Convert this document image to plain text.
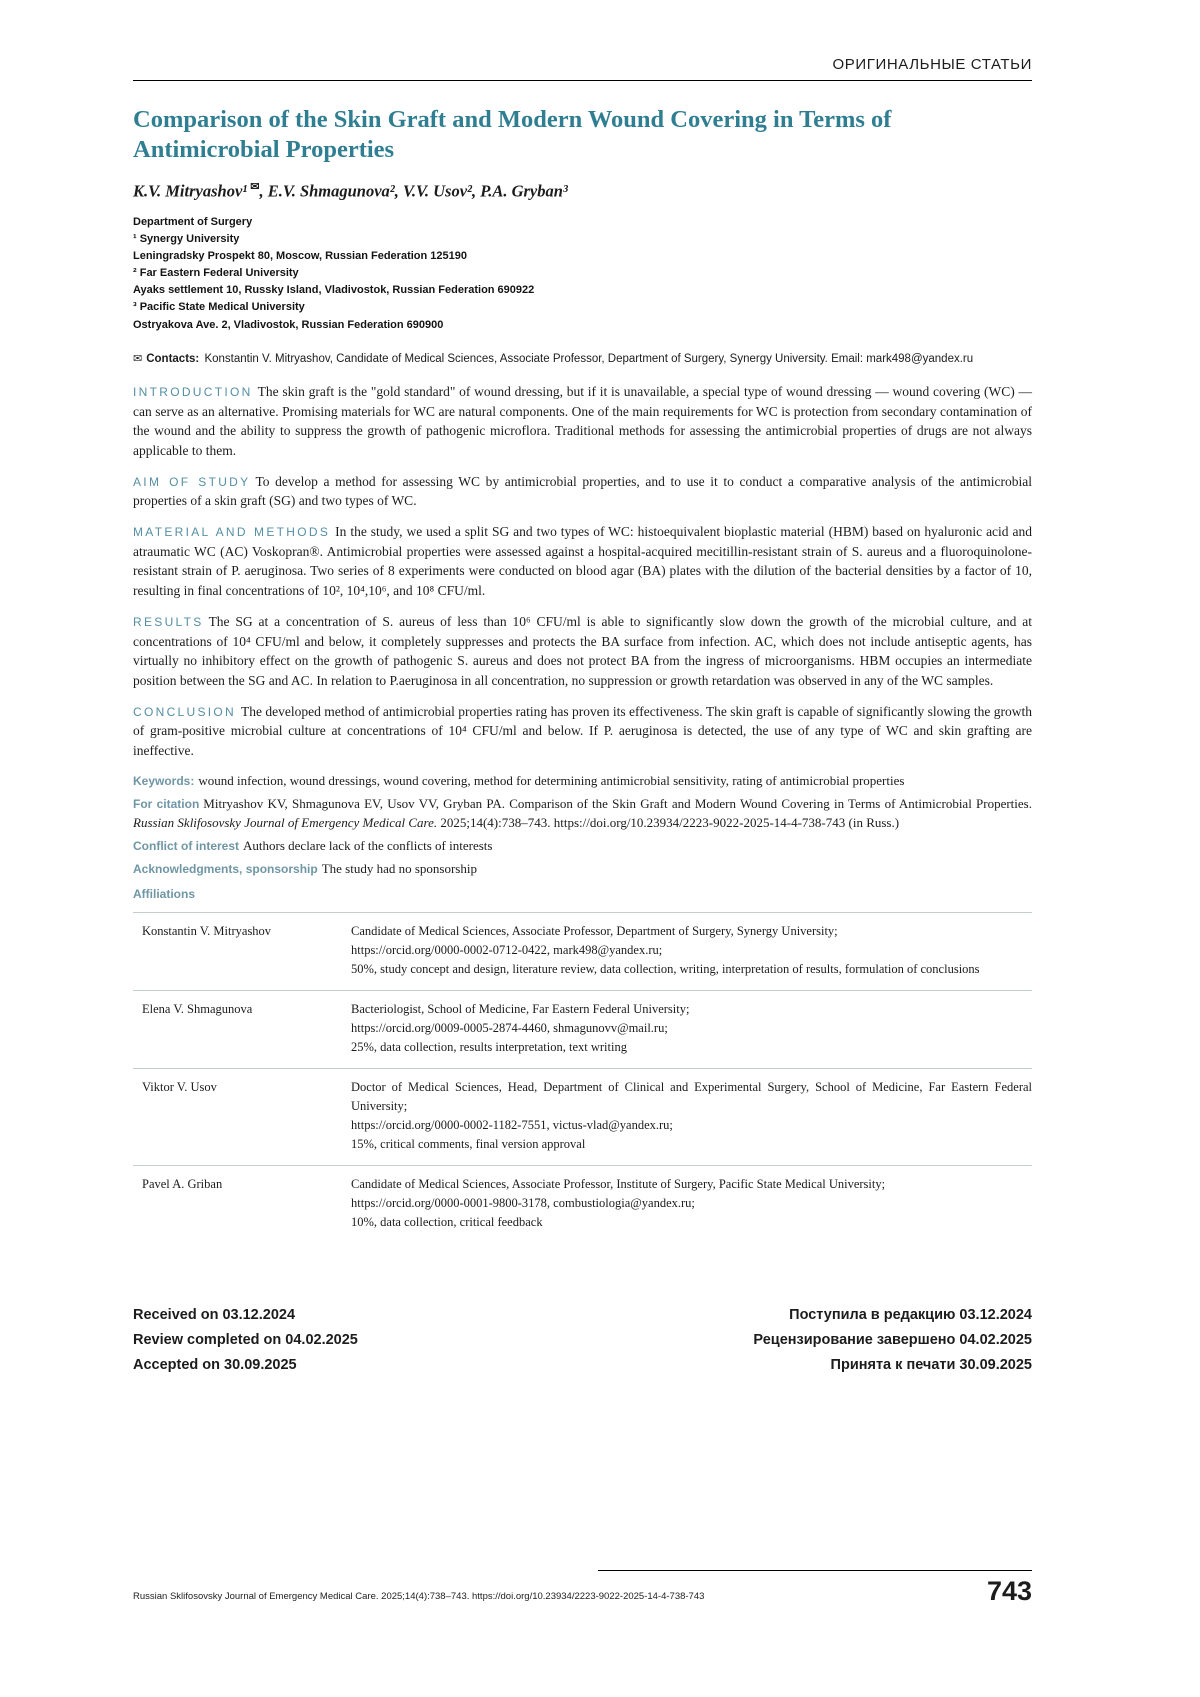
ОРИГИНАЛЬНЫЕ СТАТЬИ
Comparison of the Skin Graft and Modern Wound Covering in Terms of Antimicrobial Properties
K.V. Mitryashov¹ ✉, E.V. Shmagunova², V.V. Usov², P.A. Gryban³
Department of Surgery
¹ Synergy University
Leningradsky Prospekt 80, Moscow, Russian Federation 125190
² Far Eastern Federal University
Ayaks settlement 10, Russky Island, Vladivostok, Russian Federation 690922
³ Pacific State Medical University
Ostryakova Ave. 2, Vladivostok, Russian Federation 690900

✉ Contacts: Konstantin V. Mitryashov, Candidate of Medical Sciences, Associate Professor, Department of Surgery, Synergy University. Email: mark498@yandex.ru

INTRODUCTION The skin graft is the "gold standard" of wound dressing, but if it is unavailable, a special type of wound dressing — wound covering (WC) — can serve as an alternative. Promising materials for WC are natural components. One of the main requirements for WC is protection from secondary contamination of the wound and the ability to suppress the growth of pathogenic microflora. Traditional methods for assessing the antimicrobial properties of drugs are not always applicable to them.

AIM OF STUDY To develop a method for assessing WC by antimicrobial properties, and to use it to conduct a comparative analysis of the antimicrobial properties of a skin graft (SG) and two types of WC.

MATERIAL AND METHODS In the study, we used a split SG and two types of WC: histoequivalent bioplastic material (HBM) based on hyaluronic acid and atraumatic WC (AC) Voskopran®. Antimicrobial properties were assessed against a hospital-acquired mecitillin-resistant strain of S. aureus and a fluoroquinolone-resistant strain of P. aeruginosa. Two series of 8 experiments were conducted on blood agar (BA) plates with the dilution of the bacterial densities by a factor of 10, resulting in final concentrations of 10², 10⁴,10⁶, and 10⁸ CFU/ml.

RESULTS The SG at a concentration of S. aureus of less than 10⁶ CFU/ml is able to significantly slow down the growth of the microbial culture, and at concentrations of 10⁴ CFU/ml and below, it completely suppresses and protects the BA surface from infection. AC, which does not include antiseptic agents, has virtually no inhibitory effect on the growth of pathogenic S. aureus and does not protect BA from the ingress of microorganisms. HBM occupies an intermediate position between the SG and AC. In relation to P.aeruginosa in all concentration, no suppression or growth retardation was observed in any of the WC samples.

CONCLUSION The developed method of antimicrobial properties rating has proven its effectiveness. The skin graft is capable of significantly slowing the growth of gram-positive microbial culture at concentrations of 10⁴ CFU/ml and below. If P. aeruginosa is detected, the use of any type of WC and skin grafting are ineffective.

Keywords: wound infection, wound dressings, wound covering, method for determining antimicrobial sensitivity, rating of antimicrobial properties

For citation Mitryashov KV, Shmagunova EV, Usov VV, Gryban PA. Comparison of the Skin Graft and Modern Wound Covering in Terms of Antimicrobial Properties. Russian Sklifosovsky Journal of Emergency Medical Care. 2025;14(4):738–743. https://doi.org/10.23934/2223-9022-2025-14-4-738-743 (in Russ.)

Conflict of interest Authors declare lack of the conflicts of interests

Acknowledgments, sponsorship The study had no sponsorship

Affiliations

Konstantin V. Mitryashov	Candidate of Medical Sciences, Associate Professor, Department of Surgery, Synergy University;
https://orcid.org/0000-0002-0712-0422, mark498@yandex.ru;
50%, study concept and design, literature review, data collection, writing, interpretation of results, formulation of conclusions
Elena V. Shmagunova	Bacteriologist, School of Medicine, Far Eastern Federal University;
https://orcid.org/0009-0005-2874-4460, shmagunovv@mail.ru;
25%, data collection, results interpretation, text writing
Viktor V. Usov	Doctor of Medical Sciences, Head, Department of Clinical and Experimental Surgery, School of Medicine, Far Eastern Federal University;
https://orcid.org/0000-0002-1182-7551, victus-vlad@yandex.ru;
15%, critical comments, final version approval
Pavel A. Griban	Candidate of Medical Sciences, Associate Professor, Institute of Surgery, Pacific State Medical University;
https://orcid.org/0000-0001-9800-3178, combustiologia@yandex.ru;
10%, data collection, critical feedback
Received on 03.12.2024	Поступила в редакцию 03.12.2024
Review completed on 04.02.2025	Рецензирование завершено 04.02.2025
Accepted on 30.09.2025	Принята к печати 30.09.2025
Russian Sklifosovsky Journal of Emergency Medical Care. 2025;14(4):738–743. https://doi.org/10.23934/2223-9022-2025-14-4-738-743	743
